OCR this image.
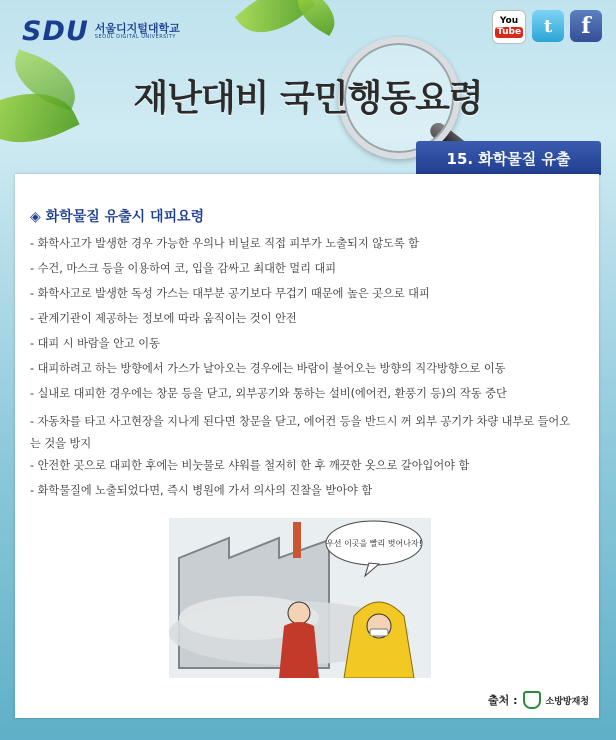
SDU 서울디지털대학교
SEOUL DIGITAL UNIVERSITY
You
Tube	t	f
재난대비 국민행동요령
15. 화학물질 유출
◈ 화학물질 유출시 대피요령
- 화학사고가 발생한 경우 가능한 우의나 비닐로 직접 피부가 노출되지 않도록 함
- 수건, 마스크 등을 이용하여 코, 입을 감싸고 최대한 멀리 대피
- 화학사고로 발생한 독성 가스는 대부분 공기보다 무겁기 때문에 높은 곳으로 대피
- 관계기관이 제공하는 정보에 따라 움직이는 것이 안전
- 대피 시 바람을 안고 이동
- 대피하려고 하는 방향에서 가스가 날아오는 경우에는 바람이 불어오는 방향의 직각방향으로 이동
- 실내로 대피한 경우에는 창문 등을 닫고, 외부공기와 통하는 설비(에어컨, 환풍기 등)의 작동 중단
- 자동차를 타고 사고현장을 지나게 된다면 창문을 닫고, 에어컨 등을 반드시 꺼 외부 공기가 차량 내부로 들어오는 것을 방지
- 안전한 곳으로 대피한 후에는 비눗물로 샤워를 철저히 한 후 깨끗한 옷으로 갈아입어야 함
- 화학물질에 노출되었다면, 즉시 병원에 가서 의사의 진찰을 받아야 함
우선 이곳을 빨리 벗어나자!
출처 :	소방방재청
